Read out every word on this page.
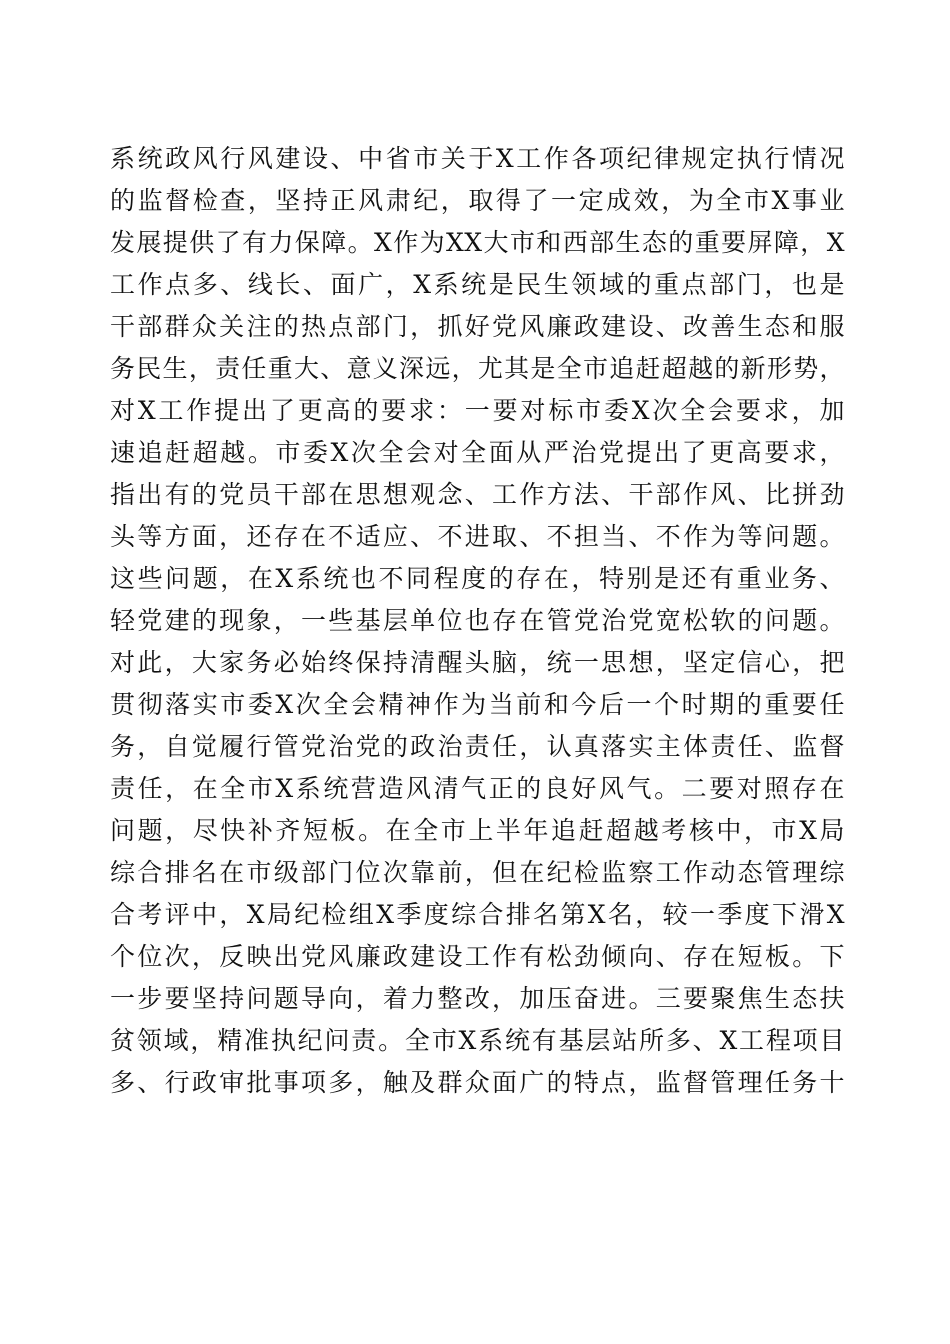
系统政风行风建设、中省市关于X工作各项纪律规定执行情况
的监督检查，坚持正风肃纪，取得了一定成效，为全市X事业
发展提供了有力保障。X作为XX大市和西部生态的重要屏障，X
工作点多、线长、面广，X系统是民生领域的重点部门，也是
干部群众关注的热点部门，抓好党风廉政建设、改善生态和服
务民生，责任重大、意义深远，尤其是全市追赶超越的新形势，
对X工作提出了更高的要求：一要对标市委X次全会要求，加
速追赶超越。市委X次全会对全面从严治党提出了更高要求，
指出有的党员干部在思想观念、工作方法、干部作风、比拼劲
头等方面，还存在不适应、不进取、不担当、不作为等问题。
这些问题，在X系统也不同程度的存在，特别是还有重业务、
轻党建的现象，一些基层单位也存在管党治党宽松软的问题。
对此，大家务必始终保持清醒头脑，统一思想，坚定信心，把
贯彻落实市委X次全会精神作为当前和今后一个时期的重要任
务，自觉履行管党治党的政治责任，认真落实主体责任、监督
责任，在全市X系统营造风清气正的良好风气。二要对照存在
问题，尽快补齐短板。在全市上半年追赶超越考核中，市X局
综合排名在市级部门位次靠前，但在纪检监察工作动态管理综
合考评中，X局纪检组X季度综合排名第X名，较一季度下滑X
个位次，反映出党风廉政建设工作有松劲倾向、存在短板。下
一步要坚持问题导向，着力整改，加压奋进。三要聚焦生态扶
贫领域，精准执纪问责。全市X系统有基层站所多、X工程项目
多、行政审批事项多，触及群众面广的特点，监督管理任务十
